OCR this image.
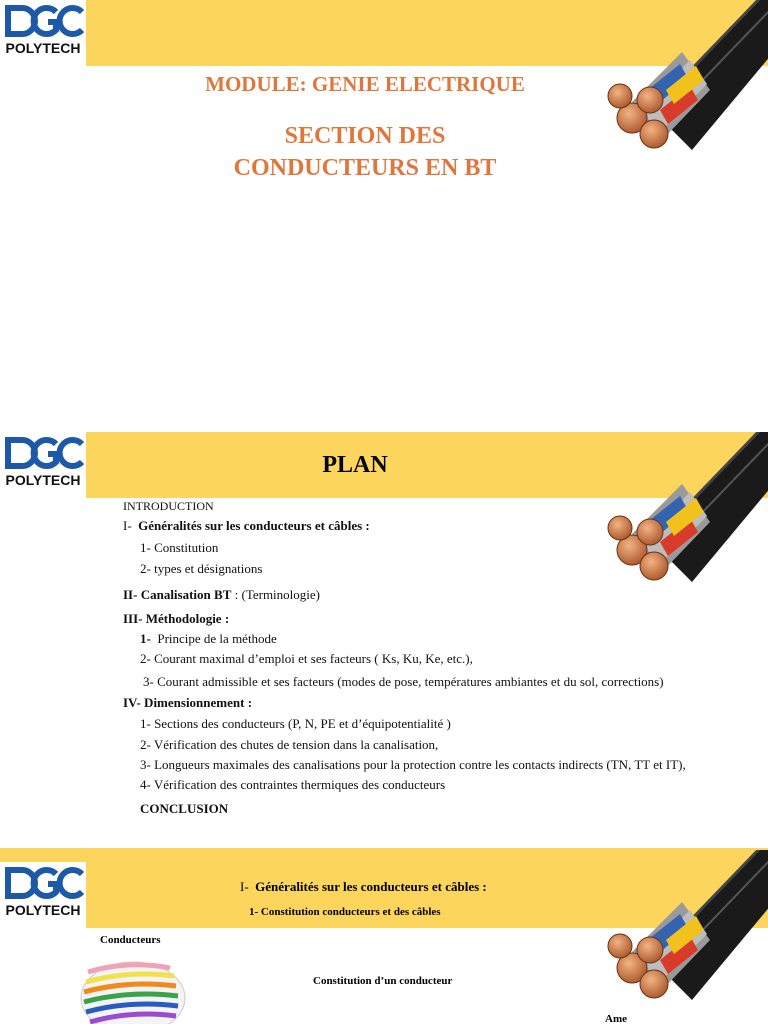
POLYTECH
MODULE: GENIE ELECTRIQUE
SECTION DES
CONDUCTEURS EN BT
POLYTECH
PLAN
INTRODUCTION
I- Généralités sur les conducteurs et câbles :
1- Constitution
2- types et désignations
II- Canalisation BT : (Terminologie)
III- Méthodologie :
1- Principe de la méthode
2- Courant maximal d’emploi et ses facteurs ( Ks, Ku, Ke, etc.),
3- Courant admissible et ses facteurs (modes de pose, températures ambiantes et du sol, corrections)
IV- Dimensionnement :
1- Sections des conducteurs (P, N, PE et d’équipotentialité )
2- Vérification des chutes de tension dans la canalisation,
3- Longueurs maximales des canalisations pour la protection contre les contacts indirects (TN, TT et IT),
4- Vérification des contraintes thermiques des conducteurs
CONCLUSION
POLYTECH
I- Généralités sur les conducteurs et câbles :
1- Constitution conducteurs et des câbles
Conducteurs
Constitution d’un conducteur
Ame
